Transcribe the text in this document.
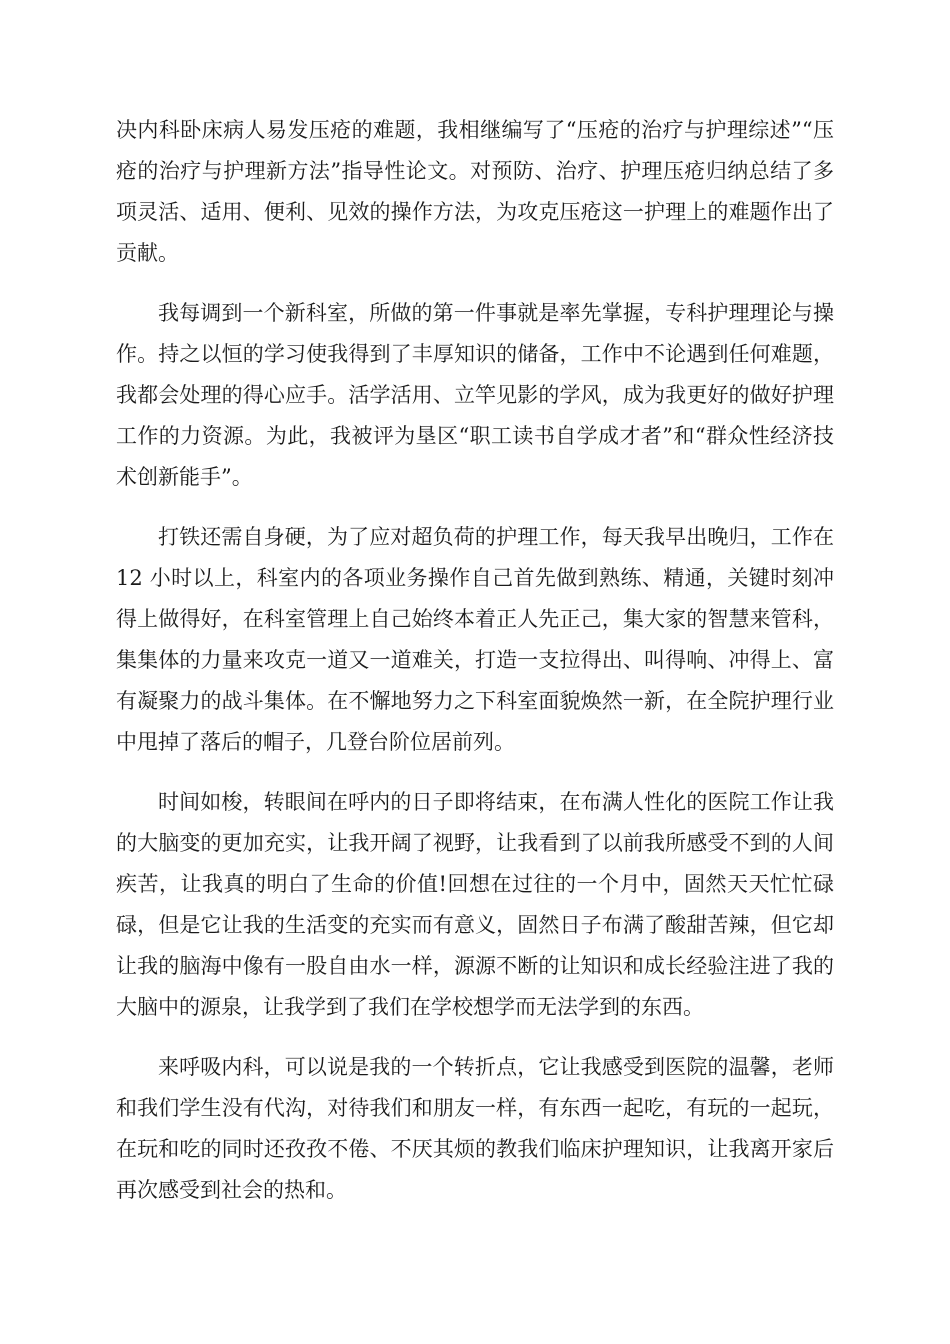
决内科卧床病人易发压疮的难题，我相继编写了“压疮的治疗与护理综述”“压疮的治疗与护理新方法”指导性论文。对预防、治疗、护理压疮归纳总结了多项灵活、适用、便利、见效的操作方法，为攻克压疮这一护理上的难题作出了贡献。

我每调到一个新科室，所做的第一件事就是率先掌握，专科护理理论与操作。持之以恒的学习使我得到了丰厚知识的储备，工作中不论遇到任何难题，我都会处理的得心应手。活学活用、立竿见影的学风，成为我更好的做好护理工作的力资源。为此，我被评为垦区“职工读书自学成才者”和“群众性经济技术创新能手”。

打铁还需自身硬，为了应对超负荷的护理工作，每天我早出晚归，工作在 12 小时以上，科室内的各项业务操作自己首先做到熟练、精通，关键时刻冲得上做得好，在科室管理上自己始终本着正人先正己，集大家的智慧来管科，集集体的力量来攻克一道又一道难关，打造一支拉得出、叫得响、冲得上、富有凝聚力的战斗集体。在不懈地努力之下科室面貌焕然一新，在全院护理行业中甩掉了落后的帽子，几登台阶位居前列。

时间如梭，转眼间在呼内的日子即将结束，在布满人性化的医院工作让我的大脑变的更加充实，让我开阔了视野，让我看到了以前我所感受不到的人间疾苦，让我真的明白了生命的价值!回想在过往的一个月中，固然天天忙忙碌碌，但是它让我的生活变的充实而有意义，固然日子布满了酸甜苦辣，但它却让我的脑海中像有一股自由水一样，源源不断的让知识和成长经验注进了我的大脑中的源泉，让我学到了我们在学校想学而无法学到的东西。

来呼吸内科，可以说是我的一个转折点，它让我感受到医院的温馨，老师和我们学生没有代沟，对待我们和朋友一样，有东西一起吃，有玩的一起玩，在玩和吃的同时还孜孜不倦、不厌其烦的教我们临床护理知识，让我离开家后再次感受到社会的热和。
